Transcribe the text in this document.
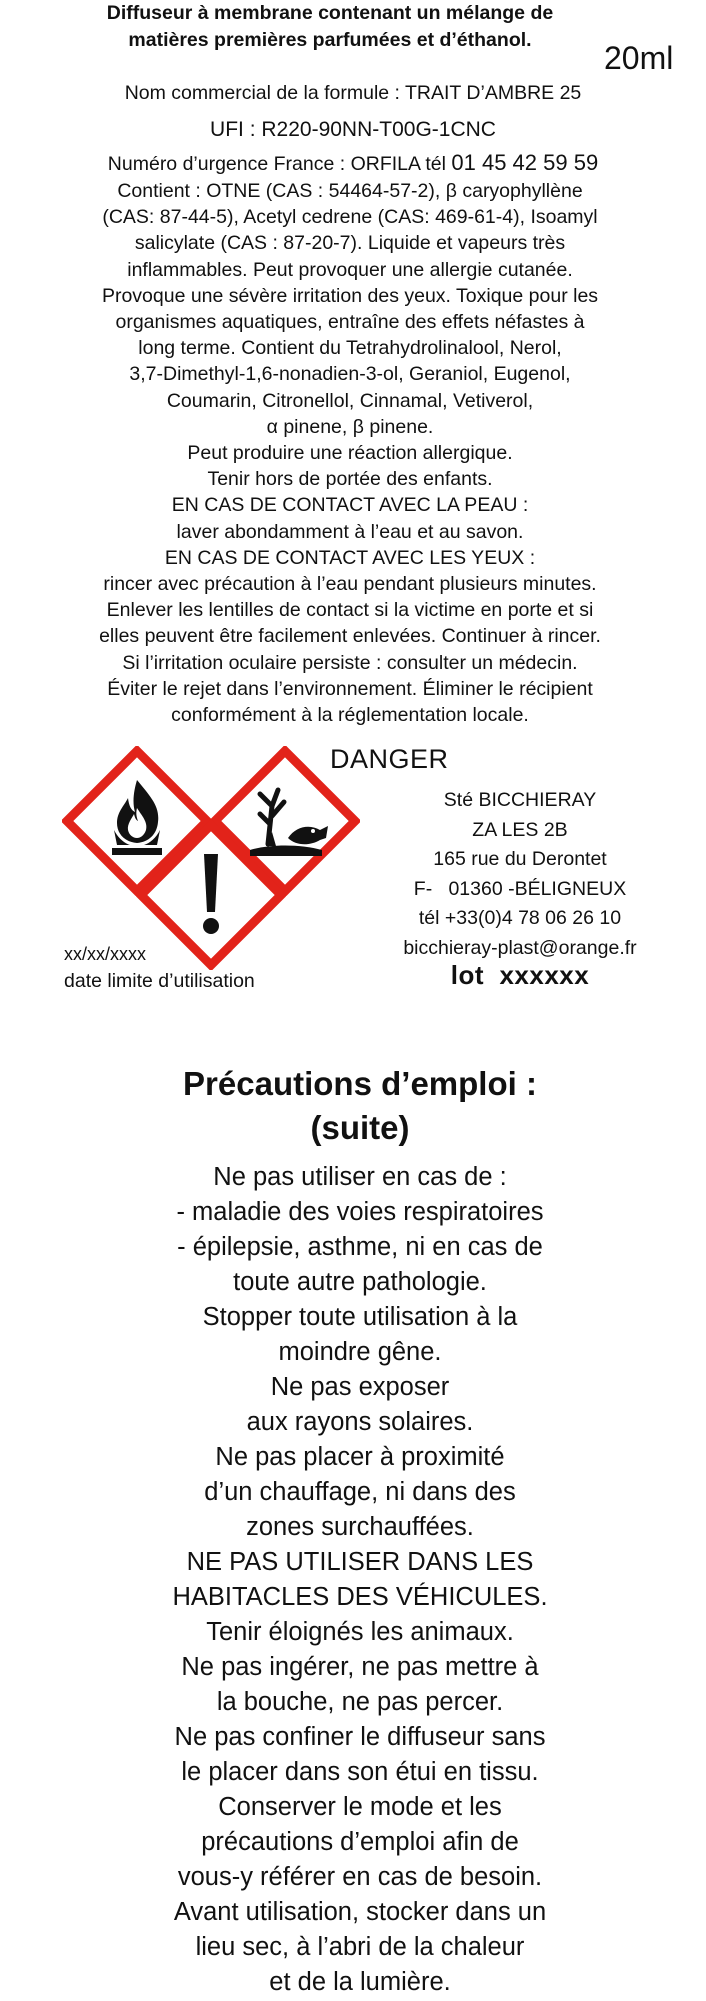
Diffuseur à membrane contenant un mélange de
matières premières parfumées et d’éthanol.	20ml
Nom commercial de la formule : TRAIT D’AMBRE 25
UFI : R220-90NN-T00G-1CNC
Numéro d’urgence France : ORFILA tél 01 45 42 59 59
Contient : OTNE (CAS : 54464-57-2), β caryophyllène
(CAS: 87-44-5), Acetyl cedrene (CAS: 469-61-4), Isoamyl
salicylate (CAS : 87-20-7). Liquide et vapeurs très
inflammables. Peut provoquer une allergie cutanée.
Provoque une sévère irritation des yeux. Toxique pour les
organismes aquatiques, entraîne des effets néfastes à
long terme. Contient du Tetrahydrolinalool, Nerol,
3,7-Dimethyl-1,6-nonadien-3-ol, Geraniol, Eugenol,
Coumarin, Citronellol, Cinnamal, Vetiverol,
α pinene, β pinene.
Peut produire une réaction allergique.
Tenir hors de portée des enfants.
EN CAS DE CONTACT AVEC LA PEAU :
laver abondamment à l’eau et au savon.
EN CAS DE CONTACT AVEC LES YEUX :
rincer avec précaution à l’eau pendant plusieurs minutes.
Enlever les lentilles de contact si la victime en porte et si
elles peuvent être facilement enlevées. Continuer à rincer.
Si l’irritation oculaire persiste : consulter un médecin.
Éviter le rejet dans l’environnement. Éliminer le récipient
conformément à la réglementation locale.
DANGER
Sté BICCHIERAY
ZA LES 2B
165 rue du Derontet
F-   01360 -BÉLIGNEUX
tél +33(0)4 78 06 26 10
bicchieray-plast@orange.fr
xx/xx/xxxx
date limite d’utilisation	lot  xxxxxx
Précautions d’emploi :
(suite)
Ne pas utiliser en cas de :
- maladie des voies respiratoires
- épilepsie, asthme, ni en cas de
toute autre pathologie.
Stopper toute utilisation à la
moindre gêne.
Ne pas exposer
aux rayons solaires.
Ne pas placer à proximité
d’un chauffage, ni dans des
zones surchauffées.
NE PAS UTILISER DANS LES
HABITACLES DES VÉHICULES.
Tenir éloignés les animaux.
Ne pas ingérer, ne pas mettre à
la bouche, ne pas percer.
Ne pas confiner le diffuseur sans
le placer dans son étui en tissu.
Conserver le mode et les
précautions d’emploi afin de
vous-y référer en cas de besoin.
Avant utilisation, stocker dans un
lieu sec, à l’abri de la chaleur
et de la lumière.
